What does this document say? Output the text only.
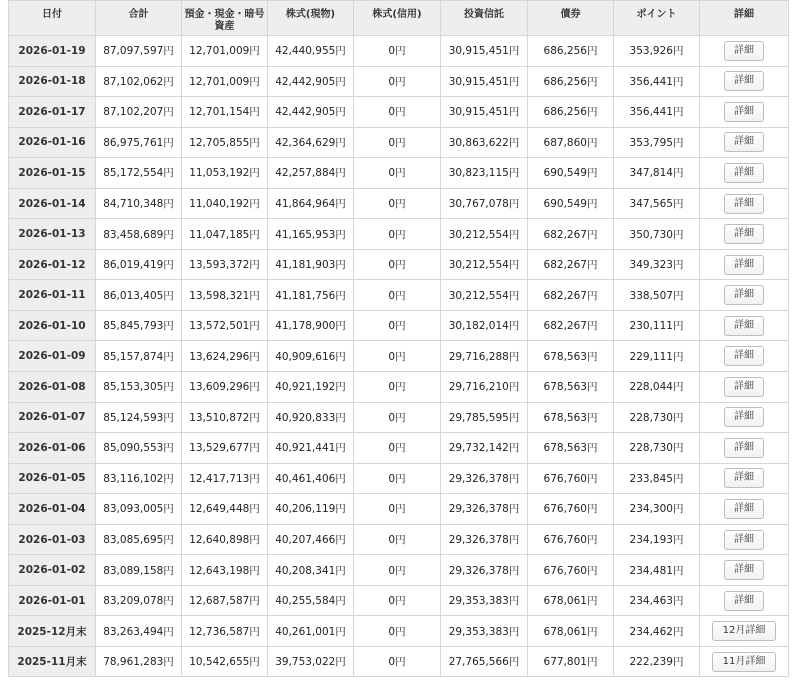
日付	合計	預金・現金・暗号資産	株式(現物)	株式(信用)	投資信託	債券	ポイント	詳細
2026-01-19	87,097,597円	12,701,009円	42,440,955円	0円	30,915,451円	686,256円	353,926円	詳細
2026-01-18	87,102,062円	12,701,009円	42,442,905円	0円	30,915,451円	686,256円	356,441円	詳細
2026-01-17	87,102,207円	12,701,154円	42,442,905円	0円	30,915,451円	686,256円	356,441円	詳細
2026-01-16	86,975,761円	12,705,855円	42,364,629円	0円	30,863,622円	687,860円	353,795円	詳細
2026-01-15	85,172,554円	11,053,192円	42,257,884円	0円	30,823,115円	690,549円	347,814円	詳細
2026-01-14	84,710,348円	11,040,192円	41,864,964円	0円	30,767,078円	690,549円	347,565円	詳細
2026-01-13	83,458,689円	11,047,185円	41,165,953円	0円	30,212,554円	682,267円	350,730円	詳細
2026-01-12	86,019,419円	13,593,372円	41,181,903円	0円	30,212,554円	682,267円	349,323円	詳細
2026-01-11	86,013,405円	13,598,321円	41,181,756円	0円	30,212,554円	682,267円	338,507円	詳細
2026-01-10	85,845,793円	13,572,501円	41,178,900円	0円	30,182,014円	682,267円	230,111円	詳細
2026-01-09	85,157,874円	13,624,296円	40,909,616円	0円	29,716,288円	678,563円	229,111円	詳細
2026-01-08	85,153,305円	13,609,296円	40,921,192円	0円	29,716,210円	678,563円	228,044円	詳細
2026-01-07	85,124,593円	13,510,872円	40,920,833円	0円	29,785,595円	678,563円	228,730円	詳細
2026-01-06	85,090,553円	13,529,677円	40,921,441円	0円	29,732,142円	678,563円	228,730円	詳細
2026-01-05	83,116,102円	12,417,713円	40,461,406円	0円	29,326,378円	676,760円	233,845円	詳細
2026-01-04	83,093,005円	12,649,448円	40,206,119円	0円	29,326,378円	676,760円	234,300円	詳細
2026-01-03	83,085,695円	12,640,898円	40,207,466円	0円	29,326,378円	676,760円	234,193円	詳細
2026-01-02	83,089,158円	12,643,198円	40,208,341円	0円	29,326,378円	676,760円	234,481円	詳細
2026-01-01	83,209,078円	12,687,587円	40,255,584円	0円	29,353,383円	678,061円	234,463円	詳細
2025-12月末	83,263,494円	12,736,587円	40,261,001円	0円	29,353,383円	678,061円	234,462円	12月詳細
2025-11月末	78,961,283円	10,542,655円	39,753,022円	0円	27,765,566円	677,801円	222,239円	11月詳細
